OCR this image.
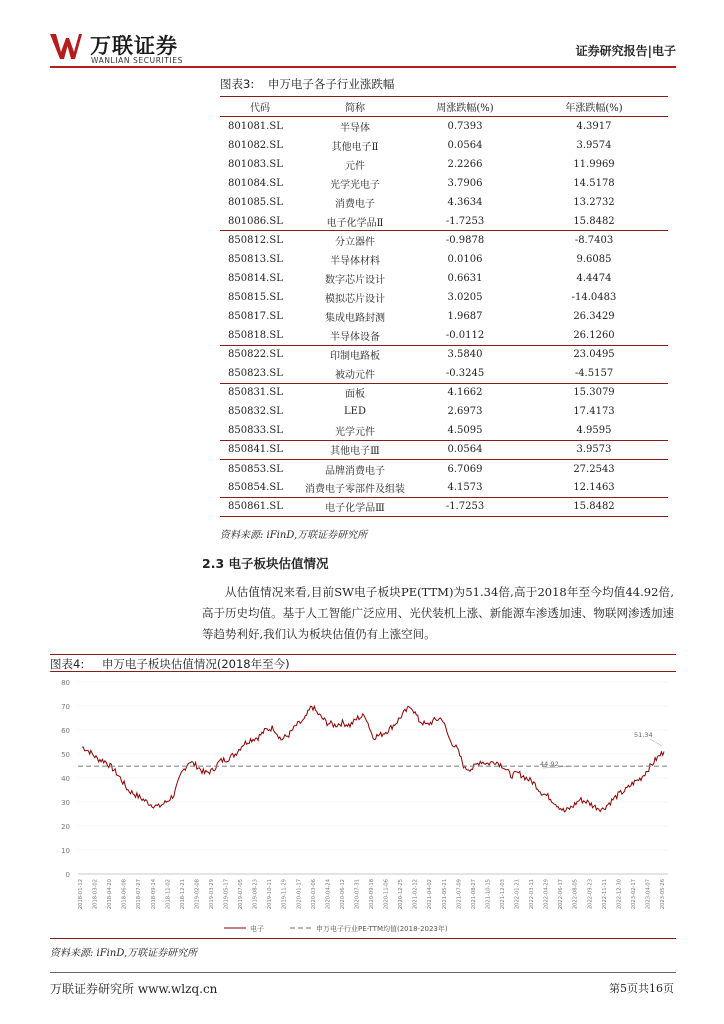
万联证券
WANLIAN SECURITIES
证券研究报告|电子
图表3: 申万电子各子行业涨跌幅
代码	简称	周涨跌幅(%)	年涨跌幅(%)
801081.SL	半导体	0.7393	4.3917
801082.SL	其他电子Ⅱ	0.0564	3.9574
801083.SL	元件	2.2266	11.9969
801084.SL	光学光电子	3.7906	14.5178
801085.SL	消费电子	4.3634	13.2732
801086.SL	电子化学品Ⅱ	-1.7253	15.8482
850812.SL	分立器件	-0.9878	-8.7403
850813.SL	半导体材料	0.0106	9.6085
850814.SL	数字芯片设计	0.6631	4.4474
850815.SL	模拟芯片设计	3.0205	-14.0483
850817.SL	集成电路封测	1.9687	26.3429
850818.SL	半导体设备	-0.0112	26.1260
850822.SL	印制电路板	3.5840	23.0495
850823.SL	被动元件	-0.3245	-4.5157
850831.SL	面板	4.1662	15.3079
850832.SL	LED	2.6973	17.4173
850833.SL	光学元件	4.5095	4.9595
850841.SL	其他电子Ⅲ	0.0564	3.9573
850853.SL	品牌消费电子	6.7069	27.2543
850854.SL	消费电子零部件及组装	4.1573	12.1463
850861.SL	电子化学品Ⅲ	-1.7253	15.8482
资料来源: iFinD,万联证券研究所
2.3 电子板块估值情况
从估值情况来看,目前SW电子板块PE(TTM)为51.34倍,高于2018年至今均值44.92倍,高于历史均值。基于人工智能广泛应用、光伏装机上涨、新能源车渗透加速、物联网渗透加速等趋势利好,我们认为板块估值仍有上涨空间。
图表4: 申万电子板块估值情况(2018年至今)
0
10
20
30
40
50
60
70
80
2018-01-12 2018-03-02 2018-04-20 2018-06-08 2018-07-27 2018-09-14 2018-11-02 2018-12-21 2019-02-08 2019-03-29 2019-05-17 2019-07-05 2019-08-23 2019-10-11 2019-11-29 2020-01-17 2020-03-06 2020-04-24 2020-06-12 2020-07-31 2020-09-18 2020-11-06 2020-12-25 2021-02-12 2021-04-02 2021-05-21 2021-07-09 2021-08-27 2021-10-15 2021-12-03 2022-01-21 2022-03-11 2022-04-29 2022-06-17 2022-08-05 2022-09-23 2022-11-11 2022-12-30 2023-02-17 2023-04-07 2023-05-26
44.92
51.34
电子	申万电子行业PE-TTM均值(2018-2023年)
资料来源: iFinD,万联证券研究所
万联证券研究所 www.wlzq.cn	第5页共16页
